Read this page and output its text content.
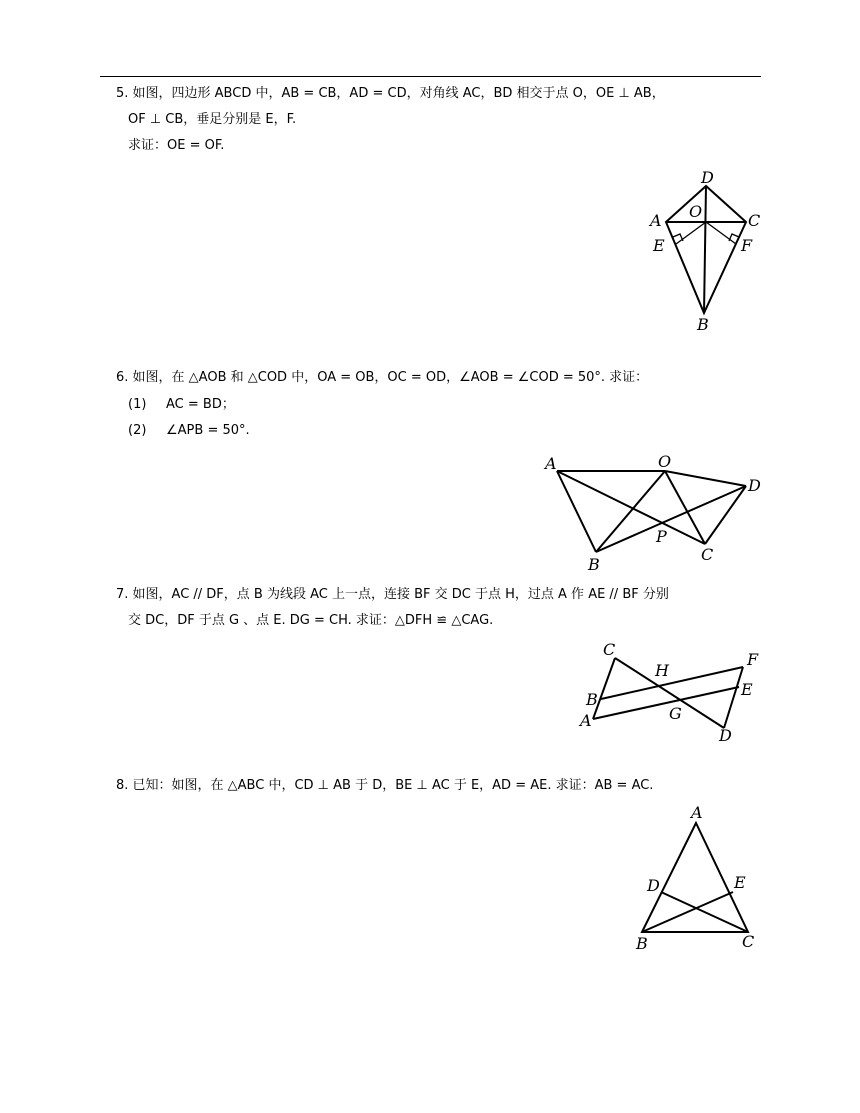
5. 如图，四边形 ABCD 中，AB = CB，AD = CD，对角线 AC，BD 相交于点 O，OE ⊥ AB，
OF ⊥ CB，垂足分别是 E，F.
求证：OE = OF.
D
O
A	C
E	F
B
6. 如图，在 △AOB 和 △COD 中，OA = OB，OC = OD，∠AOB = ∠COD = 50°. 求证：
(1) AC = BD；
(2) ∠APB = 50°.
A	O
D
P
C
B
7. 如图，AC // DF，点 B 为线段 AC 上一点，连接 BF 交 DC 于点 H，过点 A 作 AE // BF 分别
交 DC，DF 于点 G 、点 E. DG = CH. 求证：△DFH ≌ △CAG.
C
H
F
E
B
A	G
D
8. 已知：如图，在 △ABC 中，CD ⊥ AB 于 D，BE ⊥ AC 于 E，AD = AE. 求证：AB = AC.
A
D	E
B	C
